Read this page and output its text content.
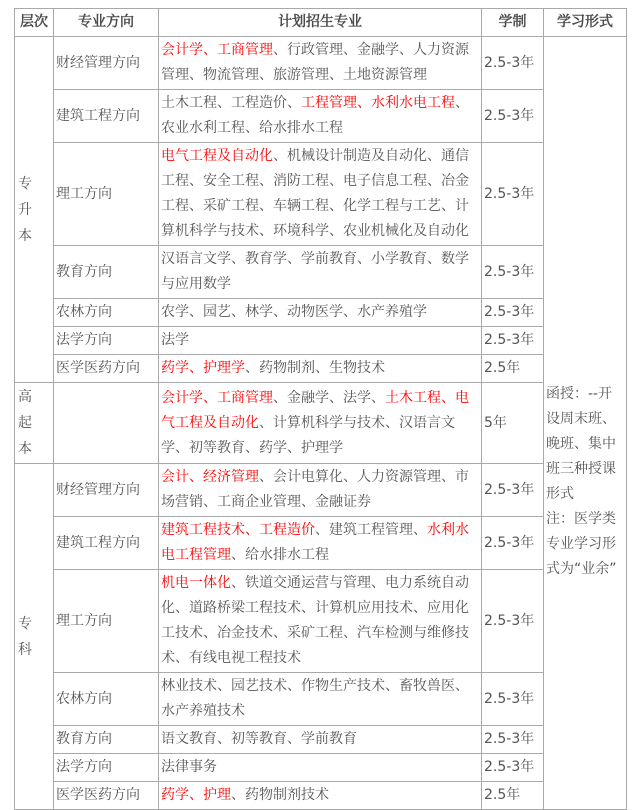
层次	专业方向	计划招生专业	学制	学习形式

专
升
本
	财经管理方向	会计学、工商管理、行政管理、金融学、人力资源管理、物流管理、旅游管理、土地资源管理	2.5-3年	
函授：--开设周末班、晚班、集中班三种授课形式
注：医学类专业学习形式为“业余”

	建筑工程方向	土木工程、工程造价、工程管理、水利水电工程、农业水利工程、给水排水工程	2.5-3年	
	理工方向	电气工程及自动化、机械设计制造及自动化、通信工程、安全工程、消防工程、电子信息工程、冶金工程、采矿工程、车辆工程、化学工程与工艺、计算机科学与技术、环境科学、农业机械化及自动化	2.5-3年	
	教育方向	汉语言文学、教育学、学前教育、小学教育、数学与应用数学	2.5-3年	
	农林方向	农学、园艺、林学、动物医学、水产养殖学	2.5-3年	
	法学方向	法学	2.5-3年	
	医学医药方向	药学、护理学、药物制剂、生物技术	2.5年	

高
起
本		会计学、工商管理、金融学、法学、土木工程、电气工程及自动化、计算机科学与技术、汉语言文学、初等教育、药学、护理学	5年	

专
科	财经管理方向	会计、经济管理、会计电算化、人力资源管理、市场营销、工商企业管理、金融证券	2.5-3年	
	建筑工程方向	建筑工程技术、工程造价、建筑工程管理、水利水电工程管理、给水排水工程	2.5-3年	
	理工方向	机电一体化、铁道交通运营与管理、电力系统自动化、道路桥梁工程技术、计算机应用技术、应用化工技术、冶金技术、采矿工程、汽车检测与维修技术、有线电视工程技术	2.5-3年	
	农林方向	林业技术、园艺技术、作物生产技术、畜牧兽医、水产养殖技术	2.5-3年	
	教育方向	语文教育、初等教育、学前教育	2.5-3年	
	法学方向	法律事务	2.5-3年	
	医学医药方向	药学、护理、药物制剂技术	2.5年	
